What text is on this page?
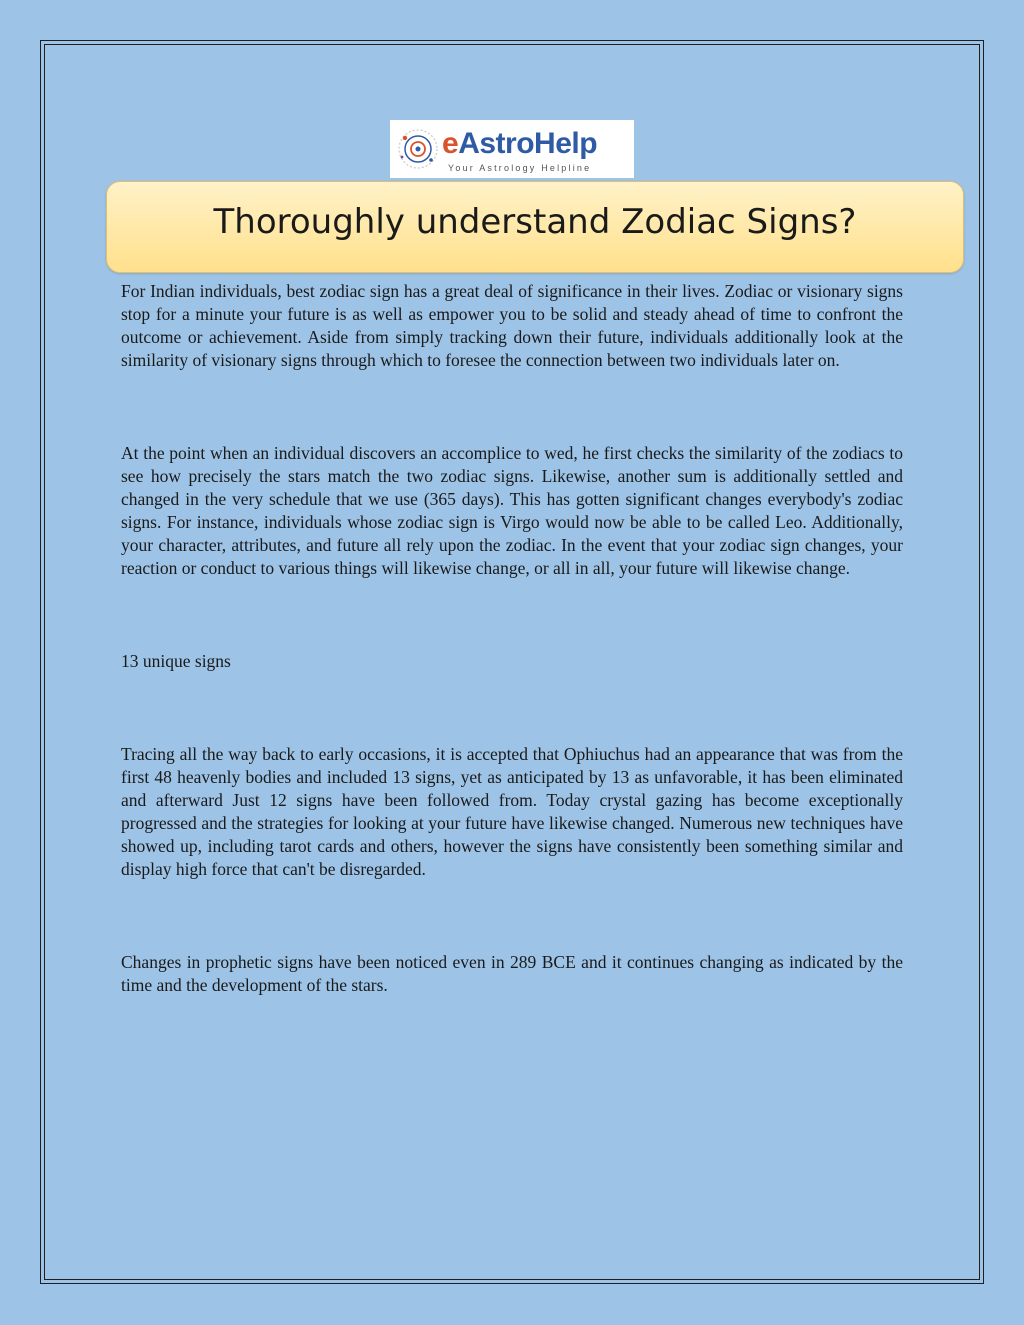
eAstroHelp
Your Astrology Helpline
Thoroughly understand Zodiac Signs?

For Indian individuals, best zodiac sign has a great deal of significance in their lives. Zodiac or visionary signs stop for a minute your future is as well as empower you to be solid and steady ahead of time to confront the outcome or achievement. Aside from simply tracking down their future, individuals additionally look at the similarity of visionary signs through which to foresee the connection between two individuals later on.

At the point when an individual discovers an accomplice to wed, he first checks the similarity of the zodiacs to see how precisely the stars match the two zodiac signs. Likewise, another sum is additionally settled and changed in the very schedule that we use (365 days). This has gotten significant changes everybody's zodiac signs. For instance, individuals whose zodiac sign is Virgo would now be able to be called Leo. Additionally, your character, attributes, and future all rely upon the zodiac. In the event that your zodiac sign changes, your reaction or conduct to various things will likewise change, or all in all, your future will likewise change.

13 unique signs

Tracing all the way back to early occasions, it is accepted that Ophiuchus had an appearance that was from the first 48 heavenly bodies and included 13 signs, yet as anticipated by 13 as unfavorable, it has been eliminated and afterward Just 12 signs have been followed from. Today crystal gazing has become exceptionally progressed and the strategies for looking at your future have likewise changed. Numerous new techniques have showed up, including tarot cards and others, however the signs have consistently been something similar and display high force that can't be disregarded.

Changes in prophetic signs have been noticed even in 289 BCE and it continues changing as indicated by the time and the development of the stars.
